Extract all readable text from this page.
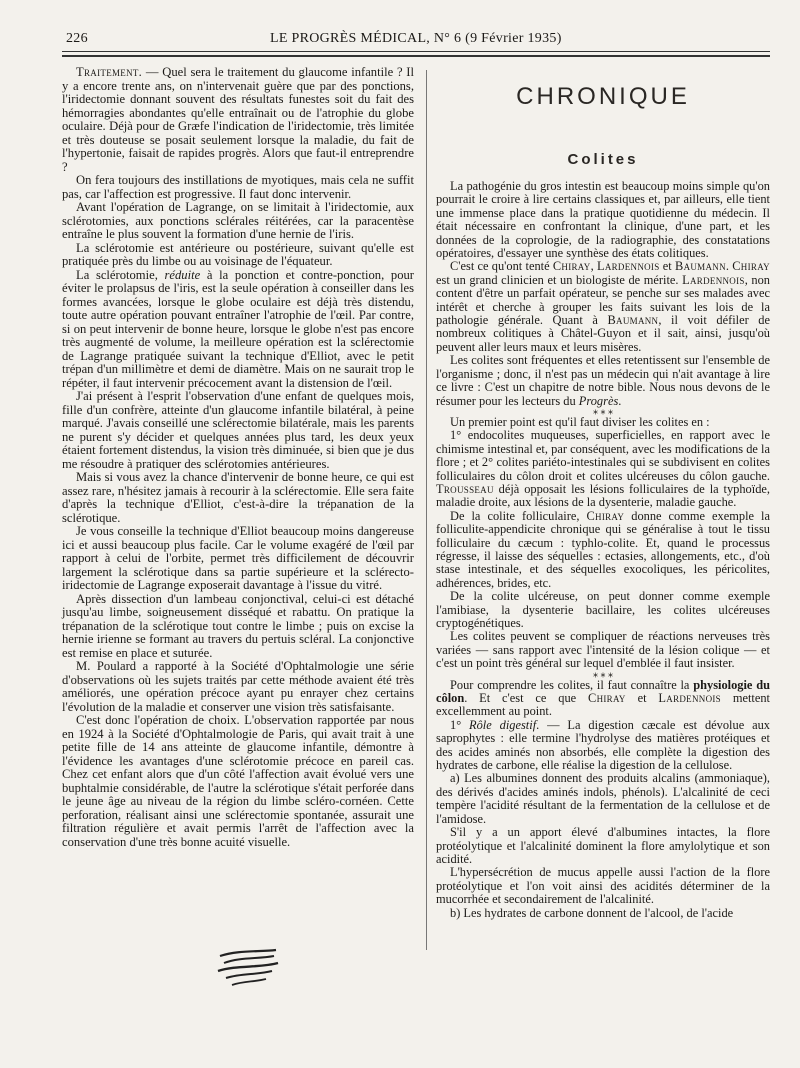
226	LE PROGRÈS MÉDICAL, N° 6 (9 Février 1935)

Traitement. — Quel sera le traitement du glaucome infantile ? Il y a encore trente ans, on n'intervenait guère que par des ponctions, l'iridectomie donnant souvent des résultats funestes soit du fait des hémorragies abondantes qu'elle entraînait ou de l'atrophie du globe oculaire. Déjà pour de Græfe l'indication de l'iridectomie, très limitée et très douteuse se posait seulement lorsque la maladie, du fait de l'hypertonie, faisait de rapides progrès. Alors que faut-il entreprendre ?

On fera toujours des instillations de myotiques, mais cela ne suffit pas, car l'affection est progressive. Il faut donc intervenir.

Avant l'opération de Lagrange, on se limitait à l'iridectomie, aux sclérotomies, aux ponctions sclérales réitérées, car la paracentèse entraîne le plus souvent la formation d'une hernie de l'iris.

La sclérotomie est antérieure ou postérieure, suivant qu'elle est pratiquée près du limbe ou au voisinage de l'équateur.

La sclérotomie, réduite à la ponction et contre-ponction, pour éviter le prolapsus de l'iris, est la seule opération à conseiller dans les formes avancées, lorsque le globe oculaire est déjà très distendu, toute autre opération pouvant entraîner l'atrophie de l'œil. Par contre, si on peut intervenir de bonne heure, lorsque le globe n'est pas encore très augmenté de volume, la meilleure opération est la sclérectomie de Lagrange pratiquée suivant la technique d'Elliot, avec le petit trépan d'un millimètre et demi de diamètre. Mais on ne saurait trop le répéter, il faut intervenir précocement avant la distension de l'œil.

J'ai présent à l'esprit l'observation d'une enfant de quelques mois, fille d'un confrère, atteinte d'un glaucome infantile bilatéral, à peine marqué. J'avais conseillé une sclérectomie bilatérale, mais les parents ne purent s'y décider et quelques années plus tard, les deux yeux étaient fortement distendus, la vision très diminuée, si bien que je dus me résoudre à pratiquer des sclérotomies antérieures.

Mais si vous avez la chance d'intervenir de bonne heure, ce qui est assez rare, n'hésitez jamais à recourir à la sclérectomie. Elle sera faite d'après la technique d'Elliot, c'est-à-dire la trépanation de la sclérotique.

Je vous conseille la technique d'Elliot beaucoup moins dangereuse ici et aussi beaucoup plus facile. Car le volume exagéré de l'œil par rapport à celui de l'orbite, permet très difficilement de découvrir largement la sclérotique dans sa partie supérieure et la sclérecto-iridectomie de Lagrange exposerait davantage à l'issue du vitré.

Après dissection d'un lambeau conjonctival, celui-ci est détaché jusqu'au limbe, soigneusement disséqué et rabattu. On pratique la trépanation de la sclérotique tout contre le limbe ; puis on excise la hernie irienne se formant au travers du pertuis scléral. La conjonctive est remise en place et suturée.

M. Poulard a rapporté à la Société d'Ophtalmologie une série d'observations où les sujets traités par cette méthode avaient été très améliorés, une opération précoce ayant pu enrayer chez certains l'évolution de la maladie et conserver une vision très satisfaisante.

C'est donc l'opération de choix. L'observation rapportée par nous en 1924 à la Société d'Ophtalmologie de Paris, qui avait trait à une petite fille de 14 ans atteinte de glaucome infantile, démontre à l'évidence les avantages d'une sclérotomie précoce en pareil cas. Chez cet enfant alors que d'un côté l'affection avait évolué vers une buphtalmie considérable, de l'autre la sclérotique s'était perforée dans le jeune âge au niveau de la région du limbe scléro-cornéen. Cette perforation, réalisant ainsi une sclérectomie spontanée, assurait une filtration régulière et avait permis l'arrêt de l'affection avec la conservation d'une très bonne acuité visuelle.

CHRONIQUE
Colites

La pathogénie du gros intestin est beaucoup moins simple qu'on pourrait le croire à lire certains classiques et, par ailleurs, elle tient une immense place dans la pratique quotidienne du médecin. Il était nécessaire en confrontant la clinique, d'une part, et les données de la coprologie, de la radiographie, des constatations opératoires, d'essayer une synthèse des états colitiques.

C'est ce qu'ont tenté Chiray, Lardennois et Baumann. Chiray est un grand clinicien et un biologiste de mérite. Lardennois, non content d'être un parfait opérateur, se penche sur ses malades avec intérêt et cherche à grouper les faits suivant les lois de la pathologie générale. Quant à Baumann, il voit défiler de nombreux colitiques à Châtel-Guyon et il sait, ainsi, jusqu'où peuvent aller leurs maux et leurs misères.

Les colites sont fréquentes et elles retentissent sur l'ensemble de l'organisme ; donc, il n'est pas un médecin qui n'ait avantage à lire ce livre : C'est un chapitre de notre bible. Nous nous devons de le résumer pour les lecteurs du Progrès.

⁎ ⁎ ⁎

Un premier point est qu'il faut diviser les colites en :

1° endocolites muqueuses, superficielles, en rapport avec le chimisme intestinal et, par conséquent, avec les modifications de la flore ; et 2° colites pariéto-intestinales qui se subdivisent en colites folliculaires du côlon droit et colites ulcéreuses du côlon gauche. Trousseau déjà opposait les lésions folliculaires de la typhoïde, maladie droite, aux lésions de la dysenterie, maladie gauche.

De la colite folliculaire, Chiray donne comme exemple la folliculite-appendicite chronique qui se généralise à tout le tissu folliculaire du cæcum : typhlo-colite. Et, quand le processus régresse, il laisse des séquelles : ectasies, allongements, etc., d'où stase intestinale, et des séquelles exocoliques, les péricolites, adhérences, brides, etc.

De la colite ulcéreuse, on peut donner comme exemple l'amibiase, la dysenterie bacillaire, les colites ulcéreuses cryptogénétiques.

Les colites peuvent se compliquer de réactions nerveuses très variées — sans rapport avec l'intensité de la lésion colique — et c'est un point très général sur lequel d'emblée il faut insister.

⁎ ⁎ ⁎

Pour comprendre les colites, il faut connaître la physiologie du côlon. Et c'est ce que Chiray et Lardennois mettent excellemment au point.

1° Rôle digestif. — La digestion cæcale est dévolue aux saprophytes : elle termine l'hydrolyse des matières protéiques et des acides aminés non absorbés, elle complète la digestion des hydrates de carbone, elle réalise la digestion de la cellulose.

a) Les albumines donnent des produits alcalins (ammoniaque), des dérivés d'acides aminés indols, phénols). L'alcalinité de ceci tempère l'acidité résultant de la fermentation de la cellulose et de l'amidose.

S'il y a un apport élevé d'albumines intactes, la flore protéolytique et l'alcalinité dominent la flore amylolytique et son acidité.

L'hypersécrétion de mucus appelle aussi l'action de la flore protéolytique et l'on voit ainsi des acidités déterminer de la mucorrhée et secondairement de l'alcalinité.

b) Les hydrates de carbone donnent de l'alcool, de l'acide
